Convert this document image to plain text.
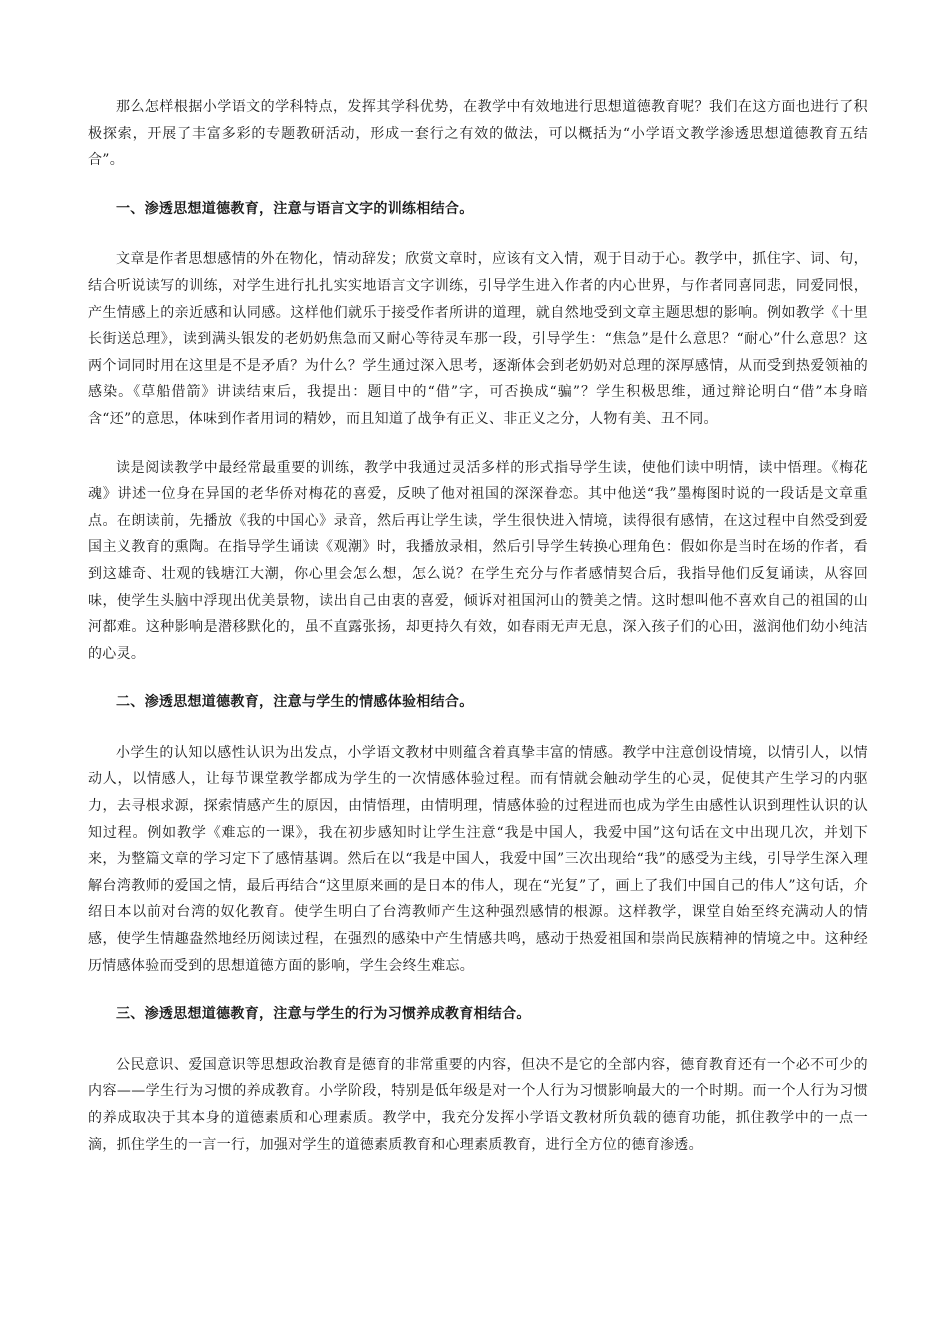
那么怎样根据小学语文的学科特点，发挥其学科优势，在教学中有效地进行思想道德教育呢？我们在这方面也进行了积极探索，开展了丰富多彩的专题教研活动，形成一套行之有效的做法，可以概括为“小学语文教学渗透思想道德教育五结合”。

一、渗透思想道德教育，注意与语言文字的训练相结合。

文章是作者思想感情的外在物化，情动辞发；欣赏文章时，应该有文入情，观于目动于心。教学中，抓住字、词、句，结合听说读写的训练，对学生进行扎扎实实地语言文字训练，引导学生进入作者的内心世界，与作者同喜同悲，同爱同恨，产生情感上的亲近感和认同感。这样他们就乐于接受作者所讲的道理，就自然地受到文章主题思想的影响。例如教学《十里长街送总理》，读到满头银发的老奶奶焦急而又耐心等待灵车那一段，引导学生：“焦急”是什么意思？“耐心”什么意思？这两个词同时用在这里是不是矛盾？为什么？学生通过深入思考，逐渐体会到老奶奶对总理的深厚感情，从而受到热爱领袖的感染。《草船借箭》讲读结束后，我提出：题目中的“借”字，可否换成“骗”？学生积极思维，通过辩论明白“借”本身暗含“还”的意思，体味到作者用词的精妙，而且知道了战争有正义、非正义之分，人物有美、丑不同。

读是阅读教学中最经常最重要的训练，教学中我通过灵活多样的形式指导学生读，使他们读中明情，读中悟理。《梅花魂》讲述一位身在异国的老华侨对梅花的喜爱，反映了他对祖国的深深眷恋。其中他送“我”墨梅图时说的一段话是文章重点。在朗读前，先播放《我的中国心》录音，然后再让学生读，学生很快进入情境，读得很有感情，在这过程中自然受到爱国主义教育的熏陶。在指导学生诵读《观潮》时，我播放录相，然后引导学生转换心理角色：假如你是当时在场的作者，看到这雄奇、壮观的钱塘江大潮，你心里会怎么想，怎么说？在学生充分与作者感情契合后，我指导他们反复诵读，从容回味，使学生头脑中浮现出优美景物，读出自己由衷的喜爱，倾诉对祖国河山的赞美之情。这时想叫他不喜欢自己的祖国的山河都难。这种影响是潜移默化的，虽不直露张扬，却更持久有效，如春雨无声无息，深入孩子们的心田，滋润他们幼小纯洁的心灵。

二、渗透思想道德教育，注意与学生的情感体验相结合。

小学生的认知以感性认识为出发点，小学语文教材中则蕴含着真挚丰富的情感。教学中注意创设情境，以情引人，以情动人，以情感人，让每节课堂教学都成为学生的一次情感体验过程。而有情就会触动学生的心灵，促使其产生学习的内驱力，去寻根求源，探索情感产生的原因，由情悟理，由情明理，情感体验的过程进而也成为学生由感性认识到理性认识的认知过程。例如教学《难忘的一课》，我在初步感知时让学生注意“我是中国人，我爱中国”这句话在文中出现几次，并划下来，为整篇文章的学习定下了感情基调。然后在以“我是中国人，我爱中国”三次出现给“我”的感受为主线，引导学生深入理解台湾教师的爱国之情，最后再结合“这里原来画的是日本的伟人，现在“光复”了，画上了我们中国自己的伟人”这句话，介绍日本以前对台湾的奴化教育。使学生明白了台湾教师产生这种强烈感情的根源。这样教学，课堂自始至终充满动人的情感，使学生情趣盎然地经历阅读过程，在强烈的感染中产生情感共鸣，感动于热爱祖国和崇尚民族精神的情境之中。这种经历情感体验而受到的思想道德方面的影响，学生会终生难忘。

三、渗透思想道德教育，注意与学生的行为习惯养成教育相结合。

公民意识、爱国意识等思想政治教育是德育的非常重要的内容，但决不是它的全部内容，德育教育还有一个必不可少的内容——学生行为习惯的养成教育。小学阶段，特别是低年级是对一个人行为习惯影响最大的一个时期。而一个人行为习惯的养成取决于其本身的道德素质和心理素质。教学中，我充分发挥小学语文教材所负载的德育功能，抓住教学中的一点一滴，抓住学生的一言一行，加强对学生的道德素质教育和心理素质教育，进行全方位的德育渗透。
